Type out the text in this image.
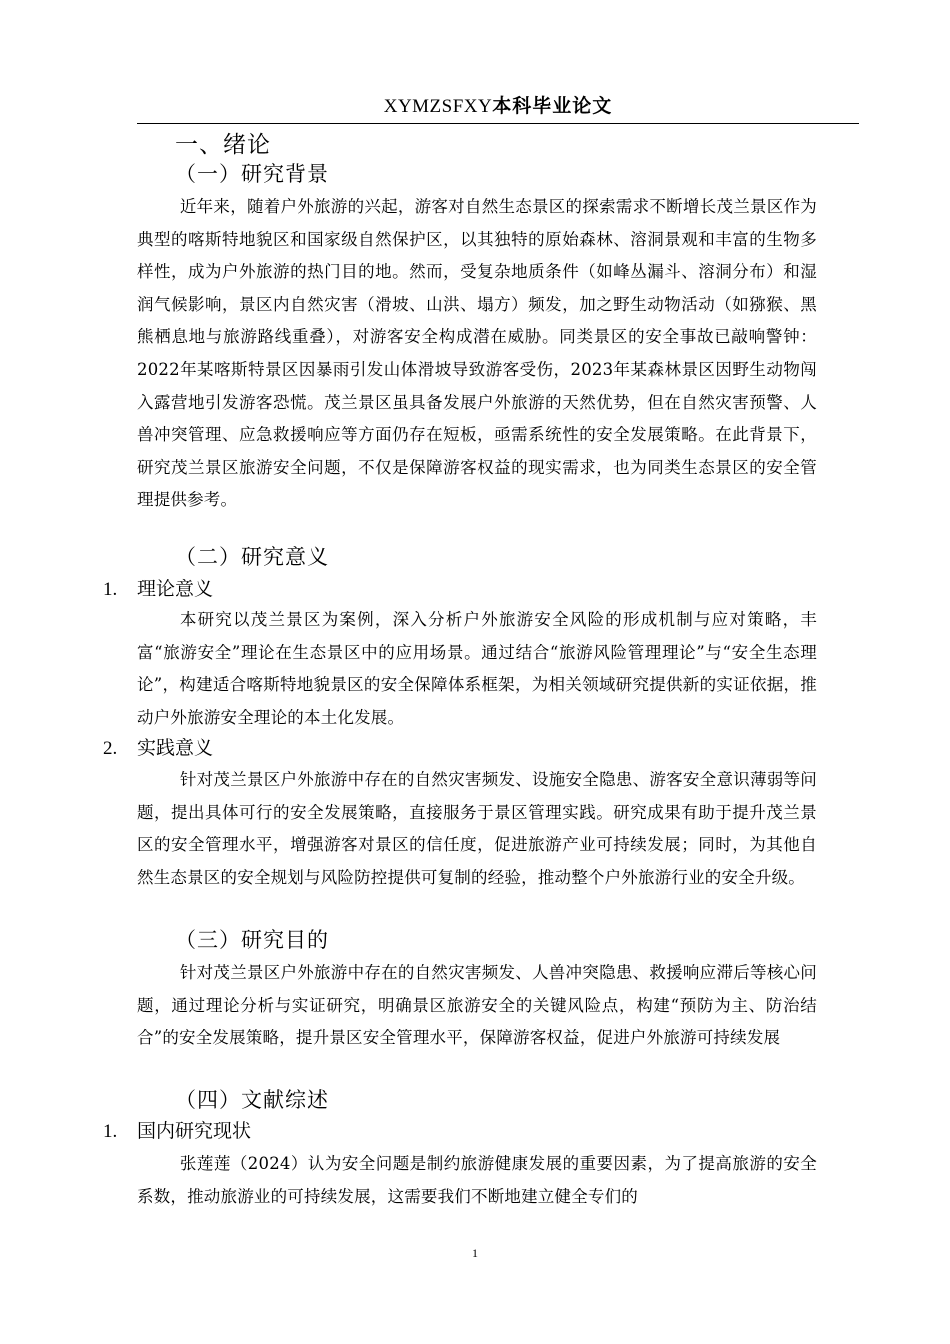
XYMZSFXY本科毕业论文
一、绪论
（一）研究背景

近年来，随着户外旅游的兴起，游客对自然生态景区的探索需求不断增长茂兰景区作为典型的喀斯特地貌区和国家级自然保护区，以其独特的原始森林、溶洞景观和丰富的生物多样性，成为户外旅游的热门目的地。然而，受复杂地质条件（如峰丛漏斗、溶洞分布）和湿润气候影响，景区内自然灾害（滑坡、山洪、塌方）频发，加之野生动物活动（如猕猴、黑熊栖息地与旅游路线重叠），对游客安全构成潜在威胁。同类景区的安全事故已敲响警钟：2022年某喀斯特景区因暴雨引发山体滑坡导致游客受伤，2023年某森林景区因野生动物闯入露营地引发游客恐慌。茂兰景区虽具备发展户外旅游的天然优势，但在自然灾害预警、人兽冲突管理、应急救援响应等方面仍存在短板，亟需系统性的安全发展策略。在此背景下，研究茂兰景区旅游安全问题，不仅是保障游客权益的现实需求，也为同类生态景区的安全管理提供参考。

（二）研究意义
1. 理论意义

本研究以茂兰景区为案例，深入分析户外旅游安全风险的形成机制与应对策略，丰富“旅游安全”理论在生态景区中的应用场景。通过结合“旅游风险管理理论”与“安全生态理论”，构建适合喀斯特地貌景区的安全保障体系框架，为相关领域研究提供新的实证依据，推动户外旅游安全理论的本土化发展。

2. 实践意义

针对茂兰景区户外旅游中存在的自然灾害频发、设施安全隐患、游客安全意识薄弱等问题，提出具体可行的安全发展策略，直接服务于景区管理实践。研究成果有助于提升茂兰景区的安全管理水平，增强游客对景区的信任度，促进旅游产业可持续发展；同时，为其他自然生态景区的安全规划与风险防控提供可复制的经验，推动整个户外旅游行业的安全升级。

（三）研究目的

针对茂兰景区户外旅游中存在的自然灾害频发、人兽冲突隐患、救援响应滞后等核心问题，通过理论分析与实证研究，明确景区旅游安全的关键风险点，构建“预防为主、防治结合”的安全发展策略，提升景区安全管理水平，保障游客权益，促进户外旅游可持续发展

（四）文献综述
1. 国内研究现状

张莲莲（2024）认为安全问题是制约旅游健康发展的重要因素，为了提高旅游的安全系数，推动旅游业的可持续发展，这需要我们不断地建立健全专们的

1
